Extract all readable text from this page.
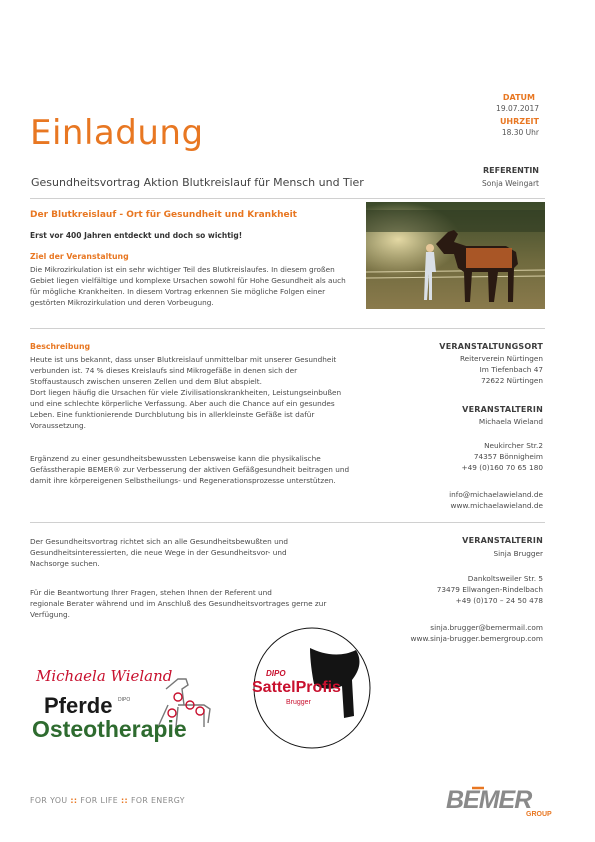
Einladung
Gesundheitsvortrag Aktion Blutkreislauf für Mensch und Tier
DATUM
19.07.2017
UHRZEIT
18.30 Uhr
REFERENTIN
Sonja Weingart
Der Blutkreislauf - Ort für Gesundheit und Krankheit
Erst vor 400 Jahren entdeckt und doch so wichtig!
Ziel der Veranstaltung
Die Mikrozirkulation ist ein sehr wichtiger Teil des Blutkreislaufes. In diesem großen
Gebiet liegen vielfältige und komplexe Ursachen sowohl für Hohe Gesundheit als auch
für mögliche Krankheiten. In diesem Vortrag erkennen Sie mögliche Folgen einer
gestörten Mikrozirkulation und deren Vorbeugung.
Beschreibung
Heute ist uns bekannt, dass unser Blutkreislauf unmittelbar mit unserer Gesundheit
verbunden ist. 74 % dieses Kreislaufs sind Mikrogefäße in denen sich der
Stoffaustausch zwischen unseren Zellen und dem Blut abspielt.
Dort liegen häufig die Ursachen für viele Zivilisationskrankheiten, Leistungseinbußen
und eine schlechte körperliche Verfassung. Aber auch die Chance auf ein gesundes
Leben. Eine funktionierende Durchblutung bis in allerkleinste Gefäße ist dafür
Voraussetzung.
Ergänzend zu einer gesundheitsbewussten Lebensweise kann die physikalische
Gefässtherapie BEMER® zur Verbesserung der aktiven Gefäßgesundheit beitragen und
damit ihre körpereigenen Selbstheilungs- und Regenerationsprozesse unterstützen.
VERANSTALTUNGSORT
Reiterverein Nürtingen
Im Tiefenbach 47
72622 Nürtingen
VERANSTALTERIN
Michaela Wieland
Neukircher Str.2
74357 Bönnigheim
+49 (0)160 70 65 180
info@michaelawieland.de
www.michaelawieland.de
Der Gesundheitsvortrag richtet sich an alle Gesundheitsbewußten und
Gesundheitsinteressierten, die neue Wege in der Gesundheitsvor- und
Nachsorge suchen.
Für die Beantwortung Ihrer Fragen, stehen Ihnen der Referent und
regionale Berater während und im Anschluß des Gesundheitsvortrages gerne zur
Verfügung.
VERANSTALTERIN
Sinja Brugger
Dankoltsweiler Str. 5
73479 Ellwangen-Rindelbach
+49 (0)170 – 24 50 478
sinja.brugger@bemermail.com
www.sinja-brugger.bemergroup.com
Michaela Wieland
Pferde DIPO
Osteotherapie
DIPO
SattelProfis
Brugger
FOR YOU :: FOR LIFE :: FOR ENERGY	BEMER
GROUP
